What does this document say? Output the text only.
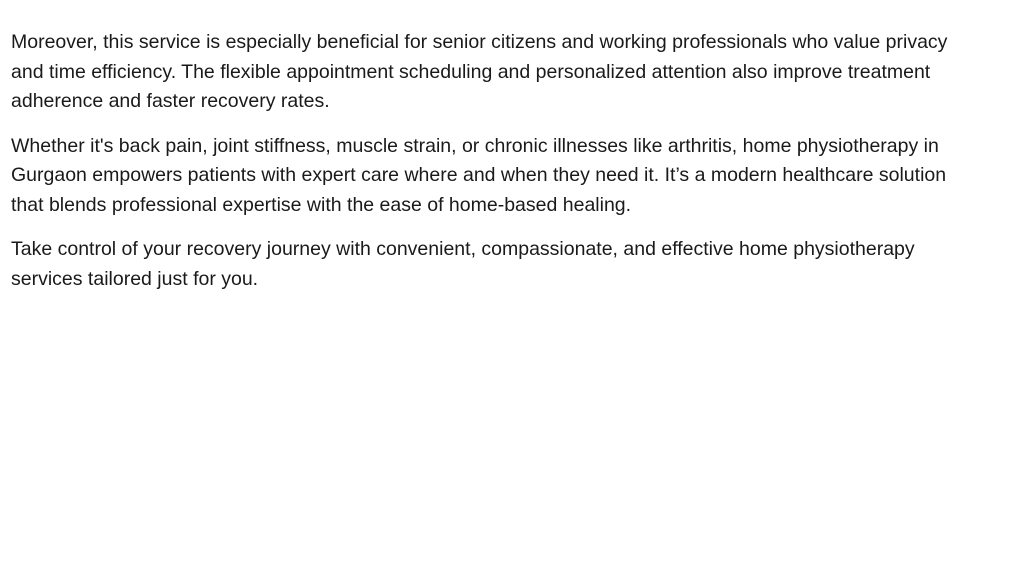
Moreover, this service is especially beneficial for senior citizens and working professionals who value privacy and time efficiency. The flexible appointment scheduling and personalized attention also improve treatment adherence and faster recovery rates.

Whether it's back pain, joint stiffness, muscle strain, or chronic illnesses like arthritis, home physiotherapy in Gurgaon empowers patients with expert care where and when they need it. It’s a modern healthcare solution that blends professional expertise with the ease of home-based healing.

Take control of your recovery journey with convenient, compassionate, and effective home physiotherapy services tailored just for you.
